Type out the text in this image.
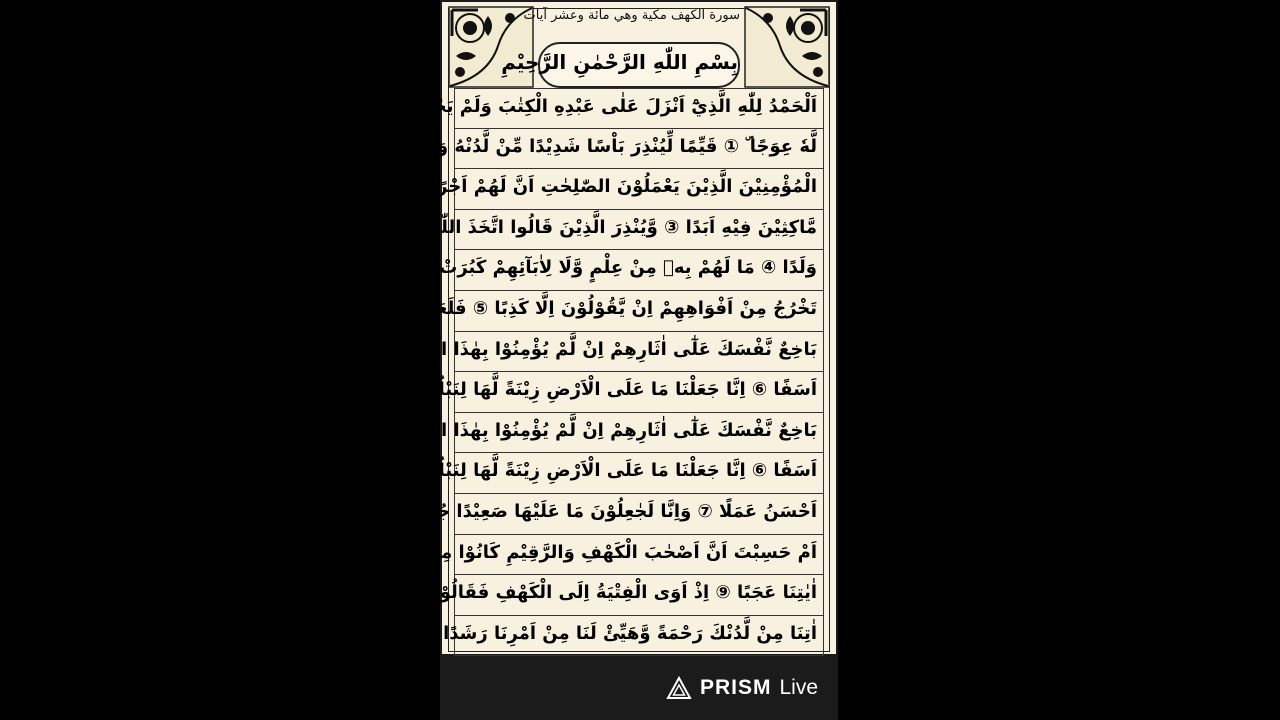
سورة الكهف مكية وهي مائة وعشر آيات
بِسْمِ اللّٰهِ الرَّحْمٰنِ الرَّحِيْمِ
اَلْحَمْدُ لِلّٰهِ الَّذِيْٓ اَنْزَلَ عَلٰى عَبْدِهِ الْكِتٰبَ وَلَمْ يَجْعَلْ
لَّهٗ عِوَجًا ۜ ① قَيِّمًا لِّيُنْذِرَ بَاْسًا شَدِيْدًا مِّنْ لَّدُنْهُ وَيُبَشِّرَ
الْمُؤْمِنِيْنَ الَّذِيْنَ يَعْمَلُوْنَ الصّٰلِحٰتِ اَنَّ لَهُمْ اَجْرًا حَسَنًا ②
مَّاكِثِيْنَ فِيْهِ اَبَدًا ③ وَّيُنْذِرَ الَّذِيْنَ قَالُوا اتَّخَذَ اللّٰهُ
وَلَدًا ④ مَا لَهُمْ بِهٖ مِنْ عِلْمٍ وَّلَا لِاٰبَآئِهِمْ كَبُرَتْ كَلِمَةً
تَخْرُجُ مِنْ اَفْوَاهِهِمْ اِنْ يَّقُوْلُوْنَ اِلَّا كَذِبًا ⑤ فَلَعَلَّكَ
بَاخِعٌ نَّفْسَكَ عَلٰٓى اٰثَارِهِمْ اِنْ لَّمْ يُؤْمِنُوْا بِهٰذَا الْحَدِيْثِ
اَسَفًا ⑥ اِنَّا جَعَلْنَا مَا عَلَى الْاَرْضِ زِيْنَةً لَّهَا لِنَبْلُوَهُمْ اَيُّهُمْ
بَاخِعٌ نَّفْسَكَ عَلٰٓى اٰثَارِهِمْ اِنْ لَّمْ يُؤْمِنُوْا بِهٰذَا الْحَدِيْثِ
اَسَفًا ⑥ اِنَّا جَعَلْنَا مَا عَلَى الْاَرْضِ زِيْنَةً لَّهَا لِنَبْلُوَهُمْ اَيُّهُمْ
اَحْسَنُ عَمَلًا ⑦ وَاِنَّا لَجٰعِلُوْنَ مَا عَلَيْهَا صَعِيْدًا جُرُزًا ⑧
اَمْ حَسِبْتَ اَنَّ اَصْحٰبَ الْكَهْفِ وَالرَّقِيْمِ كَانُوْا مِنْ
اٰيٰتِنَا عَجَبًا ⑨ اِذْ اَوَى الْفِتْيَةُ اِلَى الْكَهْفِ فَقَالُوْا رَبَّنَآ
اٰتِنَا مِنْ لَّدُنْكَ رَحْمَةً وَّهَيِّئْ لَنَا مِنْ اَمْرِنَا رَشَدًا ⑩
PRISM Live
